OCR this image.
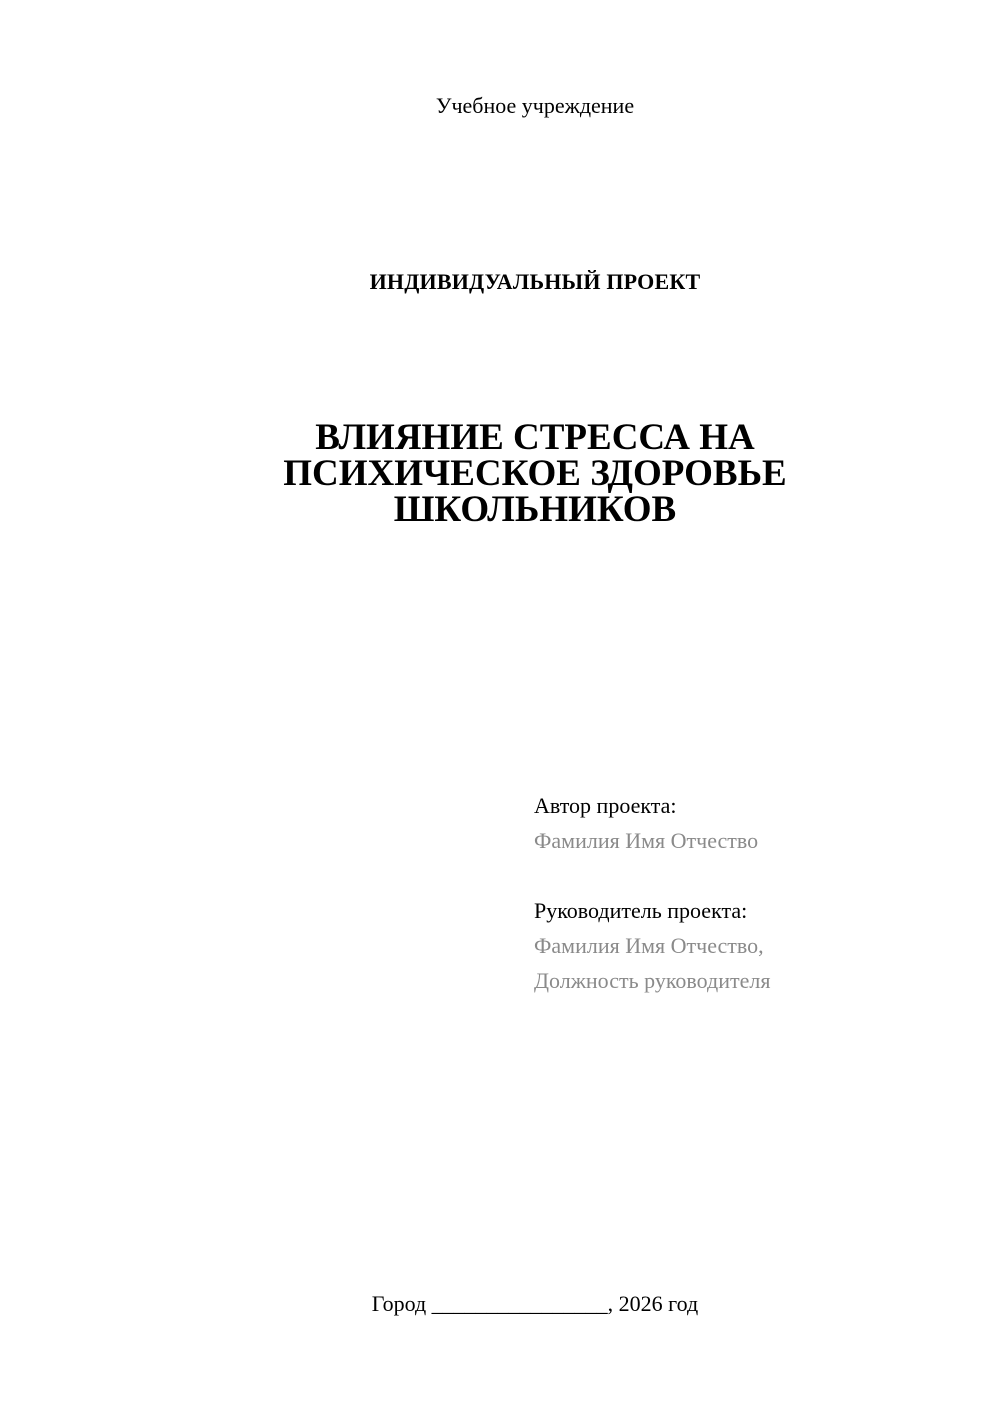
Учебное учреждение

ИНДИВИДУАЛЬНЫЙ ПРОЕКТ

ВЛИЯНИЕ СТРЕССА НА
ПСИХИЧЕСКОЕ ЗДОРОВЬЕ
ШКОЛЬНИКОВ
Автор проекта:
Фамилия Имя Отчество
Руководитель проекта:
Фамилия Имя Отчество,
Должность руководителя

Город ________________, 2026 год
